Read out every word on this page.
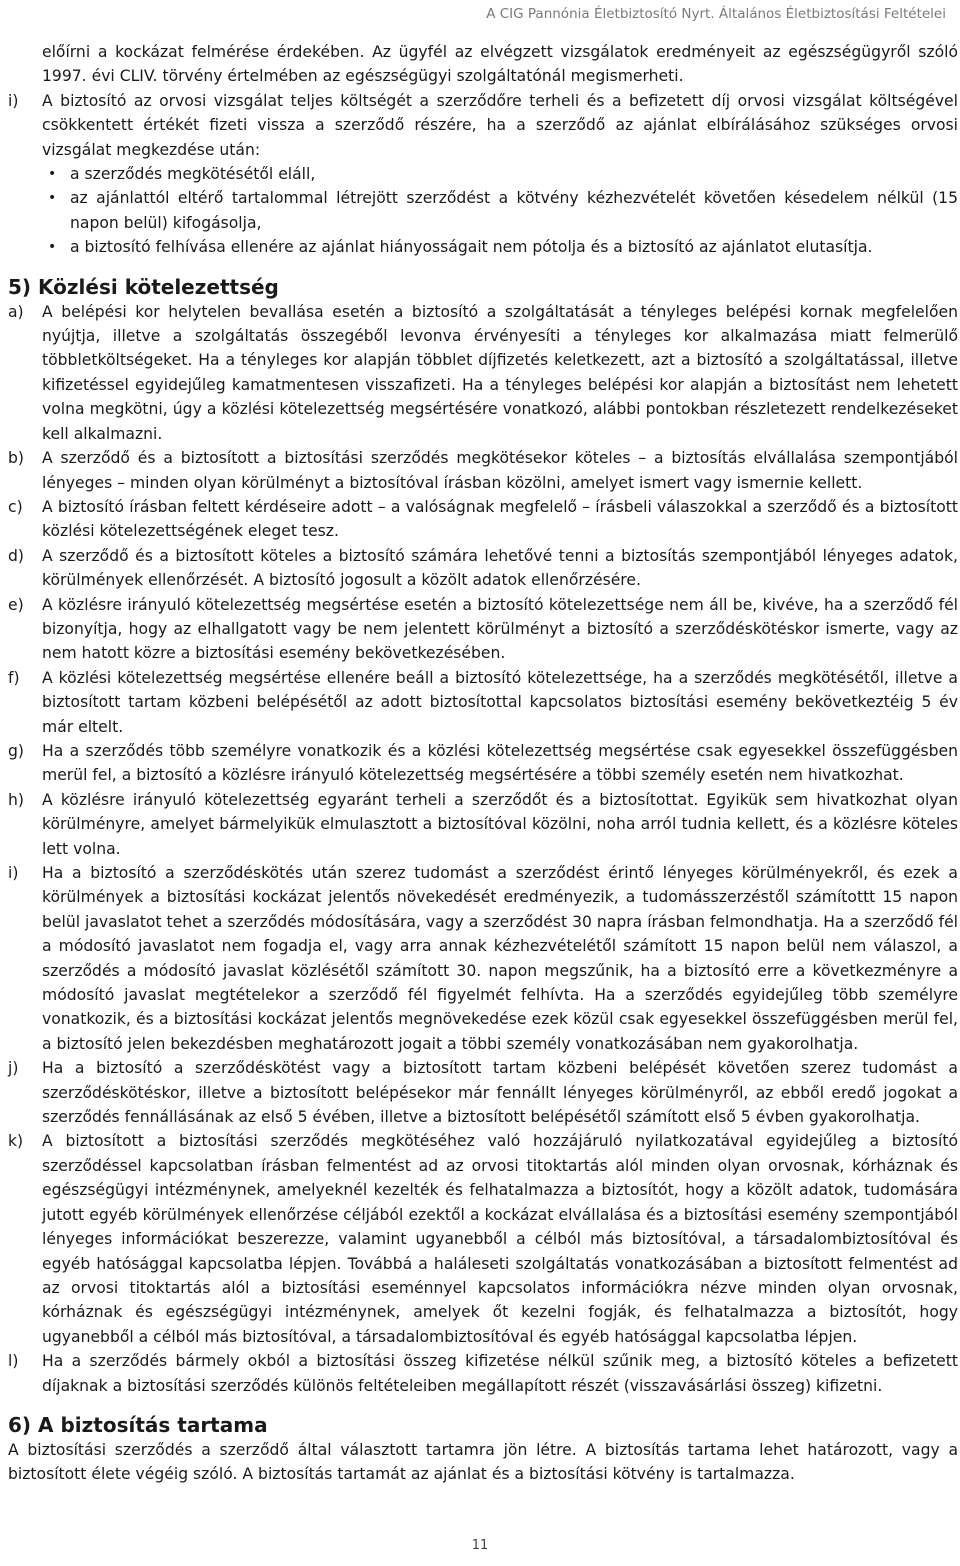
A CIG Pannónia Életbiztosító Nyrt. Általános Életbiztosítási Feltételei

előírni a kockázat felmérése érdekében. Az ügyfél az elvégzett vizsgálatok eredményeit az egészségügyről szóló 1997. évi CLIV. törvény értelmében az egészségügyi szolgáltatónál megismerheti.

i)	A biztosító az orvosi vizsgálat teljes költségét a szerződőre terheli és a befizetett díj orvosi vizsgálat költségével csökkentett értékét fizeti vissza a szerződő részére, ha a szerződő az ajánlat elbírálásához szükséges orvosi vizsgálat megkezdése után:
• a szerződés megkötésétől eláll,
• az ajánlattól eltérő tartalommal létrejött szerződést a kötvény kézhezvételét követően késedelem nélkül (15 napon belül) kifogásolja,
• a biztosító felhívása ellenére az ajánlat hiányosságait nem pótolja és a biztosító az ajánlatot elutasítja.
5) Közlési kötelezettség
a)	A belépési kor helytelen bevallása esetén a biztosító a szolgáltatását a tényleges belépési kornak megfelelően nyújtja, illetve a szolgáltatás összegéből levonva érvényesíti a tényleges kor alkalmazása miatt felmerülő többletköltségeket. Ha a tényleges kor alapján többlet díjfizetés keletkezett, azt a biztosító a szolgáltatással, illetve kifizetéssel egyidejűleg kamatmentesen visszafizeti. Ha a tényleges belépési kor alapján a biztosítást nem lehetett volna megkötni, úgy a közlési kötelezettség megsértésére vonatkozó, alábbi pontokban részletezett rendelkezéseket kell alkalmazni.
b)	A szerződő és a biztosított a biztosítási szerződés megkötésekor köteles – a biztosítás elvállalása szempontjából lényeges – minden olyan körülményt a biztosítóval írásban közölni, amelyet ismert vagy ismernie kellett.
c)	A biztosító írásban feltett kérdéseire adott – a valóságnak megfelelő – írásbeli válaszokkal a szerződő és a biztosított közlési kötelezettségének eleget tesz.
d)	A szerződő és a biztosított köteles a biztosító számára lehetővé tenni a biztosítás szempontjából lényeges adatok, körülmények ellenőrzését. A biztosító jogosult a közölt adatok ellenőrzésére.
e)	A közlésre irányuló kötelezettség megsértése esetén a biztosító kötelezettsége nem áll be, kivéve, ha a szerződő fél bizonyítja, hogy az elhallgatott vagy be nem jelentett körülményt a biztosító a szerződéskötéskor ismerte, vagy az nem hatott közre a biztosítási esemény bekövetkezésében.
f)	A közlési kötelezettség megsértése ellenére beáll a biztosító kötelezettsége, ha a szerződés megkötésétől, illetve a biztosított tartam közbeni belépésétől az adott biztosítottal kapcsolatos biztosítási esemény bekövetkeztéig 5 év már eltelt.
g)	Ha a szerződés több személyre vonatkozik és a közlési kötelezettség megsértése csak egyesekkel összefüggésben merül fel, a biztosító a közlésre irányuló kötelezettség megsértésére a többi személy esetén nem hivatkozhat.
h)	A közlésre irányuló kötelezettség egyaránt terheli a szerződőt és a biztosítottat. Egyikük sem hivatkozhat olyan körülményre, amelyet bármelyikük elmulasztott a biztosítóval közölni, noha arról tudnia kellett, és a közlésre köteles lett volna.
i)	Ha a biztosító a szerződéskötés után szerez tudomást a szerződést érintő lényeges körülményekről, és ezek a körülmények a biztosítási kockázat jelentős növekedését eredményezik, a tudomásszerzéstől számítottt 15 napon belül javaslatot tehet a szerződés módosítására, vagy a szerződést 30 napra írásban felmondhatja. Ha a szerződő fél a módosító javaslatot nem fogadja el, vagy arra annak kézhezvételétől számított 15 napon belül nem válaszol, a szerződés a módosító javaslat közlésétől számított 30. napon megszűnik, ha a biztosító erre a következményre a módosító javaslat megtételekor a szerződő fél figyelmét felhívta. Ha a szerződés egyidejűleg több személyre vonatkozik, és a biztosítási kockázat jelentős megnövekedése ezek közül csak egyesekkel összefüggésben merül fel, a biztosító jelen bekezdésben meghatározott jogait a többi személy vonatkozásában nem gyakorolhatja.
j)	Ha a biztosító a szerződéskötést vagy a biztosított tartam közbeni belépését követően szerez tudomást a szerződéskötéskor, illetve a biztosított belépésekor már fennállt lényeges körülményről, az ebből eredő jogokat a szerződés fennállásának az első 5 évében, illetve a biztosított belépésétől számított első 5 évben gyakorolhatja.
k)	A biztosított a biztosítási szerződés megkötéséhez való hozzájáruló nyilatkozatával egyidejűleg a biztosító szerződéssel kapcsolatban írásban felmentést ad az orvosi titoktartás alól minden olyan orvosnak, kórháznak és egészségügyi intézménynek, amelyeknél kezelték és felhatalmazza a biztosítót, hogy a közölt adatok, tudomására jutott egyéb körülmények ellenőrzése céljából ezektől a kockázat elvállalása és a biztosítási esemény szempontjából lényeges információkat beszerezze, valamint ugyanebből a célból más biztosítóval, a társadalombiztosítóval és egyéb hatósággal kapcsolatba lépjen. Továbbá a haláleseti szolgáltatás vonatkozásában a biztosított felmentést ad az orvosi titoktartás alól a biztosítási eseménnyel kapcsolatos információkra nézve minden olyan orvosnak, kórháznak és egészségügyi intézménynek, amelyek őt kezelni fogják, és felhatalmazza a biztosítót, hogy ugyanebből a célból más biztosítóval, a társadalombiztosítóval és egyéb hatósággal kapcsolatba lépjen.
l)	Ha a szerződés bármely okból a biztosítási összeg kifizetése nélkül szűnik meg, a biztosító köteles a befizetett díjaknak a biztosítási szerződés különös feltételeiben megállapított részét (visszavásárlási összeg) kifizetni.
6) A biztosítás tartama

A biztosítási szerződés a szerződő által választott tartamra jön létre. A biztosítás tartama lehet határozott, vagy a biztosított élete végéig szóló. A biztosítás tartamát az ajánlat és a biztosítási kötvény is tartalmazza.

11
